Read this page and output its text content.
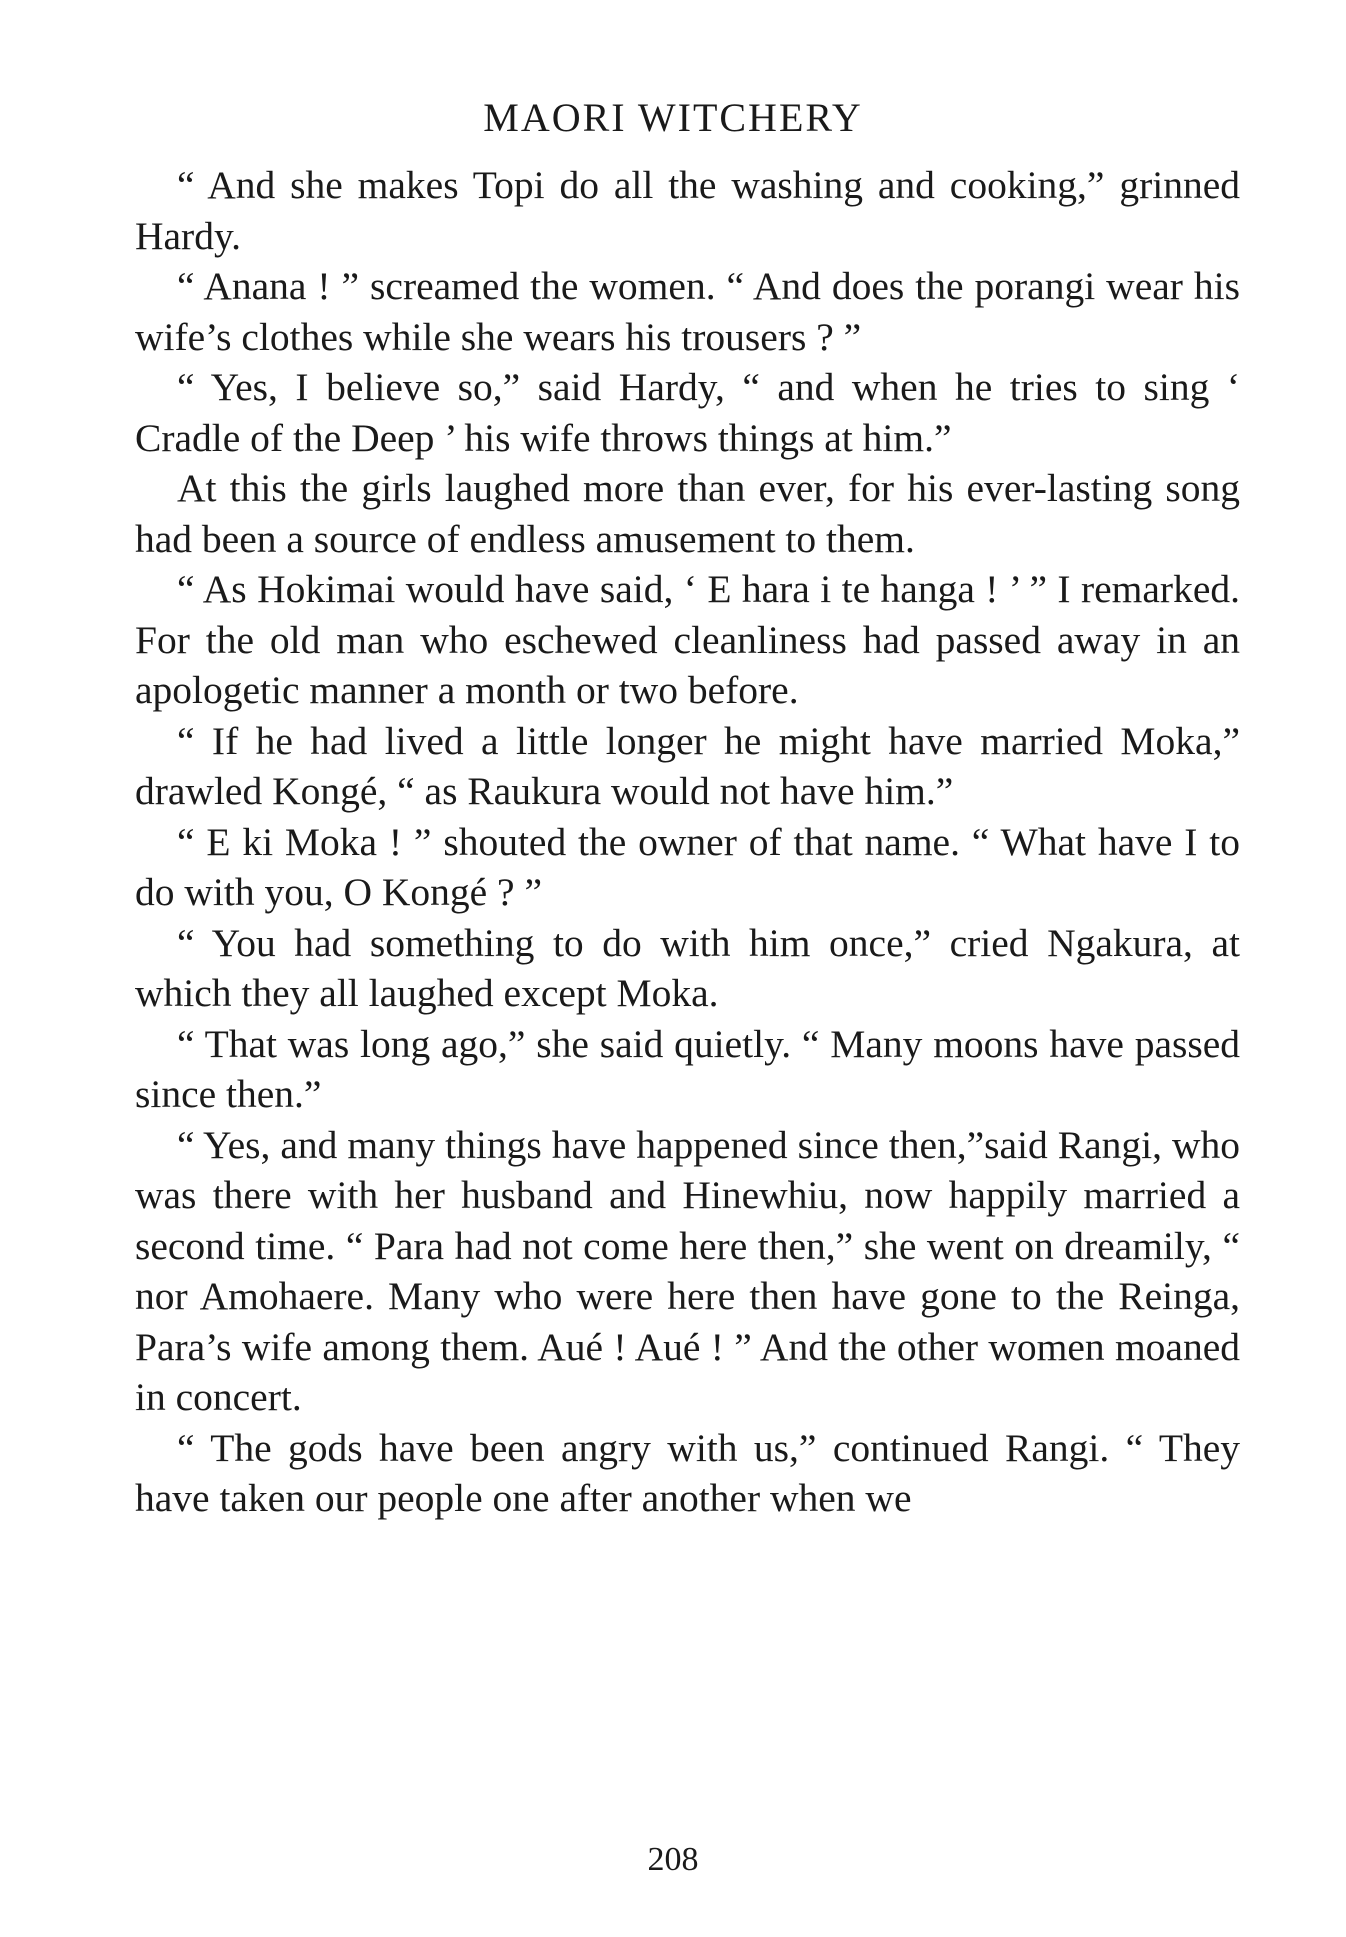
MAORI WITCHERY

“ And she makes Topi do all the washing and cooking,” grinned Hardy.

“ Anana ! ” screamed the women. “ And does the porangi wear his wife’s clothes while she wears his trousers ? ”

“ Yes, I believe so,” said Hardy, “ and when he tries to sing ‘ Cradle of the Deep ’ his wife throws things at him.”

At this the girls laughed more than ever, for his ever-lasting song had been a source of endless amusement to them.

“ As Hokimai would have said, ‘ E hara i te hanga ! ’ ” I remarked. For the old man who eschewed cleanliness had passed away in an apologetic manner a month or two before.

“ If he had lived a little longer he might have married Moka,” drawled Kongé, “ as Raukura would not have him.”

“ E ki Moka ! ” shouted the owner of that name. “ What have I to do with you, O Kongé ? ”

“ You had something to do with him once,” cried Ngakura, at which they all laughed except Moka.

“ That was long ago,” she said quietly. “ Many moons have passed since then.”

“ Yes, and many things have happened since then,”said Rangi, who was there with her husband and Hinewhiu, now happily married a second time. “ Para had not come here then,” she went on dreamily, “ nor Amohaere. Many who were here then have gone to the Reinga, Para’s wife among them. Aué ! Aué ! ” And the other women moaned in concert.

“ The gods have been angry with us,” continued Rangi. “ They have taken our people one after another when we

208
